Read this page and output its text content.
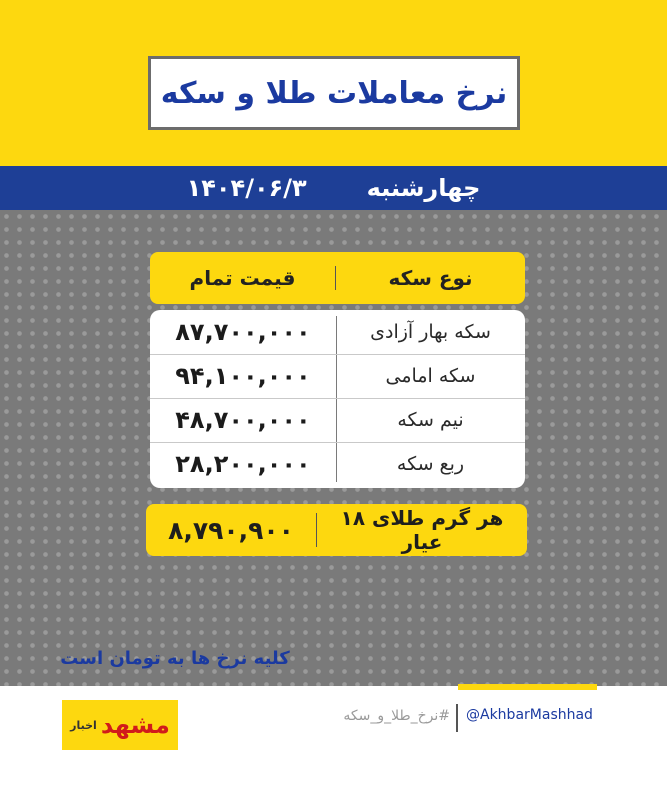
نرخ معاملات طلا و سکه
۱۴۰۴/۰۶/۳	چهارشنبه
نوع سکه
قیمت تمام
سکه بهار آزادی
۸۷,۷۰۰,۰۰۰
سکه امامی
۹۴,۱۰۰,۰۰۰
نیم سکه
۴۸,۷۰۰,۰۰۰
ربع سکه
۲۸,۲۰۰,۰۰۰
هر گرم طلای ۱۸ عیار
۸,۷۹۰,۹۰۰
کلیه نرخ ها به تومان است
اخبار مشهد	#نرخ_طلا_و_سکه @AkhbarMashhad
